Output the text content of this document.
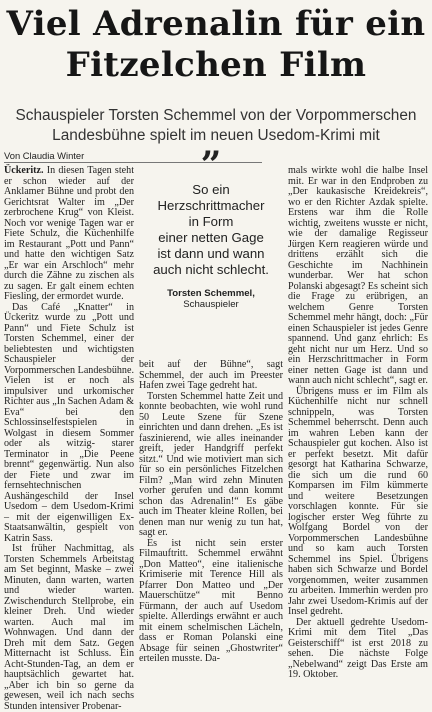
Viel Adrenalin für ein
Fitzelchen Film
Schauspieler Torsten Schemmel von der Vorpommerschen
Landesbühne spielt im neuen Usedom-Krimi mit
Von Claudia Winter

Ückeritz. In diesen Tagen steht er schon wieder auf der Anklamer Bühne und probt den Gerichtsrat Walter im „Der zerbrochene Krug“ von Kleist. Noch vor wenige Tagen war er Fiete Schulz, die Küchenhilfe im Restaurant „Pott und Pann“ und hatte den wichtigen Satz „Er war ein Arschloch“ mehr durch die Zähne zu zischen als zu sagen. Er galt einem echten Fiesling, der ermordet wurde.

Das Café „Knatter“ in Ückeritz wurde zu „Pott und Pann“ und Fiete Schulz ist Torsten Schemmel, einer der beliebtesten und wichtigsten Schauspieler der Vorpommerschen Landesbühne. Vielen ist er noch als impulsiver und urkomischer Richter aus „In Sachen Adam & Eva“ bei den Schlossinselfestspielen in Wolgast in diesem Sommer oder als witzig- starer Terminator in „Die Peene brennt“ gegenwärtig. Nun also der Fiete und zwar im fernsehtechnischen Aushängeschild der Insel Usedom – dem Usedom-Krimi – mit der eigenwilligen Ex-Staatsanwältin, gespielt von Katrin Sass.

Ist früher Nachmittag, als Torsten Schemmels Arbeitstag am Set beginnt, Maske – zwei Minuten, dann warten, warten und wieder warten. Zwischendurch Stellprobe, ein kleiner Dreh. Und wieder warten. Auch mal im Wohnwagen. Und dann der Dreh mit dem Satz. Gegen Mitternacht ist Schluss. Ein Acht-Stunden-Tag, an dem er hauptsächlich gewartet hat. „Aber ich bin so gerne da gewesen, weil ich nach sechs Stunden intensiver Probenar-

”
So ein
Herzschrittmacher
in Form
einer netten Gage
ist dann und wann
auch nicht schlecht.
Torsten Schemmel,
Schauspieler

beit auf der Bühne“, sagt Schemmel, der auch im Preester Hafen zwei Tage gedreht hat.

Torsten Schemmel hatte Zeit und konnte beobachten, wie wohl rund 50 Leute Szene für Szene einrichten und dann drehen. „Es ist faszinierend, wie alles ineinander greift, jeder Handgriff perfekt sitzt.“ Und wie motiviert man sich für so ein persönliches Fitzelchen Film? „Man wird zehn Minuten vorher gerufen und dann kommt schon das Adrenalin!“ Es gäbe auch im Theater kleine Rollen, bei denen man nur wenig zu tun hat, sagt er.

Es ist nicht sein erster Filmauftritt. Schemmel erwähnt „Don Matteo“, eine italienische Krimiserie mit Terence Hill als Pfarrer Don Matteo und „Der Mauerschütze“ mit Benno Fürmann, der auch auf Usedom spielte. Allerdings erwähnt er auch mit einem schelmischen Lächeln, dass er Roman Polanski eine Absage für seinen „Ghostwriter“ erteilen musste. Da-

mals wirkte wohl die halbe Insel mit. Er war in den Endproben zu „Der kaukasische Kreidekreis“, wo er den Richter Azdak spielte. Erstens war ihm die Rolle wichtig, zweitens wusste er nicht, wie der damalige Regisseur Jürgen Kern reagieren würde und drittens erzählt sich die Geschichte im Nachhinein wunderbar. Wer hat schon Polanski abgesagt? Es scheint sich die Frage zu erübrigen, an welchem Genre Torsten Schemmel mehr hängt, doch: „Für einen Schauspieler ist jedes Genre spannend. Und ganz ehrlich: Es geht nicht nur um Herz. Und so ein Herzschrittmacher in Form einer netten Gage ist dann und wann auch nicht schlecht“, sagt er.

Übrigens muss er im Film als Küchenhilfe nicht nur schnell schnippeln, was Torsten Schemmel beherrscht. Denn auch im wahren Leben kann der Schauspieler gut kochen. Also ist er perfekt besetzt. Mit dafür gesorgt hat Katharina Schwarze, die sich um die rund 60 Komparsen im Film kümmerte und weitere Besetzungen vorschlagen konnte. Für sie logischer erster Weg führte zu Wolfgang Bordel von der Vorpommerschen Landesbühne und so kam auch Torsten Schemmel ins Spiel. Übrigens haben sich Schwarze und Bordel vorgenommen, weiter zusammen zu arbeiten. Immerhin werden pro Jahr zwei Usedom-Krimis auf der Insel gedreht.

Der aktuell gedrehte Usedom-Krimi mit dem Titel „Das Geisterschiff“ ist erst 2018 zu sehen. Die nächste Folge „Nebelwand“ zeigt Das Erste am 19. Oktober.
